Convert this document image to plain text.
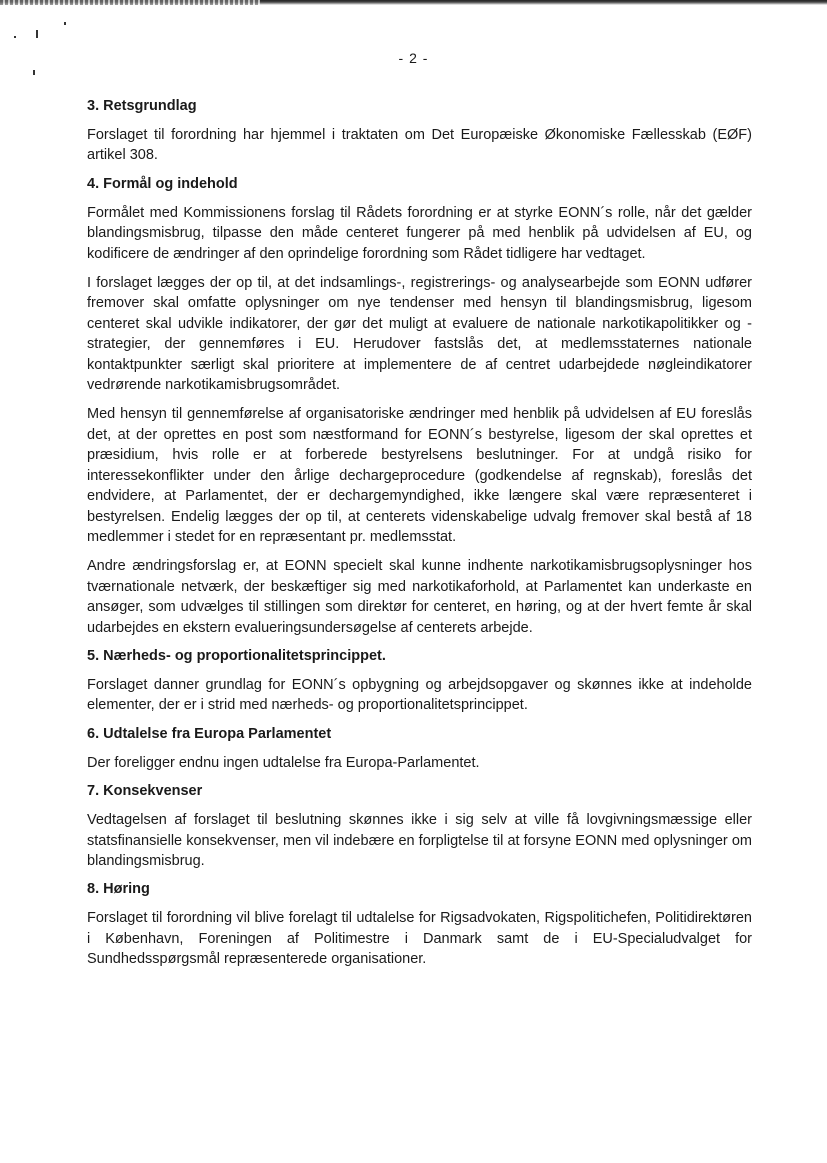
- 2 -
3. Retsgrundlag

Forslaget til forordning har hjemmel i traktaten om Det Europæiske Økonomiske Fællesskab (EØF) artikel 308.

4. Formål og indehold

Formålet med Kommissionens forslag til Rådets forordning er at styrke EONN´s rolle, når det gælder blandingsmisbrug, tilpasse den måde centeret fungerer på med henblik på udvidelsen af EU, og kodificere de ændringer af den oprindelige forordning som Rådet tidligere har vedtaget.

I forslaget lægges der op til, at det indsamlings-, registrerings- og analysearbejde som EONN udfører fremover skal omfatte oplysninger om nye tendenser med hensyn til blandingsmisbrug, ligesom centeret skal udvikle indikatorer, der gør det muligt at evaluere de nationale narkotikapolitikker og -strategier, der gennemføres i EU. Herudover fastslås det, at medlemsstaternes nationale kontaktpunkter særligt skal prioritere at implementere de af centret udarbejdede nøgleindikatorer vedrørende narkotikamisbrugsområdet.

Med hensyn til gennemførelse af organisatoriske ændringer med henblik på udvidelsen af EU foreslås det, at der oprettes en post som næstformand for EONN´s bestyrelse, ligesom der skal oprettes et præsidium, hvis rolle er at forberede bestyrelsens beslutninger. For at undgå risiko for interessekonflikter under den årlige dechargeprocedure (godkendelse af regnskab), foreslås det endvidere, at Parlamentet, der er dechargemyndighed, ikke længere skal være repræsenteret i bestyrelsen. Endelig lægges der op til, at centerets videnskabelige udvalg fremover skal bestå af 18 medlemmer i stedet for en repræsentant pr. medlemsstat.

Andre ændringsforslag er, at EONN specielt skal kunne indhente narkotikamisbrugsoplysninger hos tværnationale netværk, der beskæftiger sig med narkotikaforhold, at Parlamentet kan underkaste en ansøger, som udvælges til stillingen som direktør for centeret, en høring, og at der hvert femte år skal udarbejdes en ekstern evalueringsundersøgelse af centerets arbejde.

5. Nærheds- og proportionalitetsprincippet.

Forslaget danner grundlag for EONN´s opbygning og arbejdsopgaver og skønnes ikke at indeholde elementer, der er i strid med nærheds- og proportionalitetsprincippet.

6. Udtalelse fra Europa Parlamentet

Der foreligger endnu ingen udtalelse fra Europa-Parlamentet.

7. Konsekvenser

Vedtagelsen af forslaget til beslutning skønnes ikke i sig selv at ville få lovgivningsmæssige eller statsfinansielle konsekvenser, men vil indebære en forpligtelse til at forsyne EONN med oplysninger om blandingsmisbrug.

8. Høring

Forslaget til forordning vil blive forelagt til udtalelse for Rigsadvokaten, Rigspolitichefen, Politidirektøren i København, Foreningen af Politimestre i Danmark samt de i EU-Specialudvalget for Sundhedsspørgsmål repræsenterede organisationer.
